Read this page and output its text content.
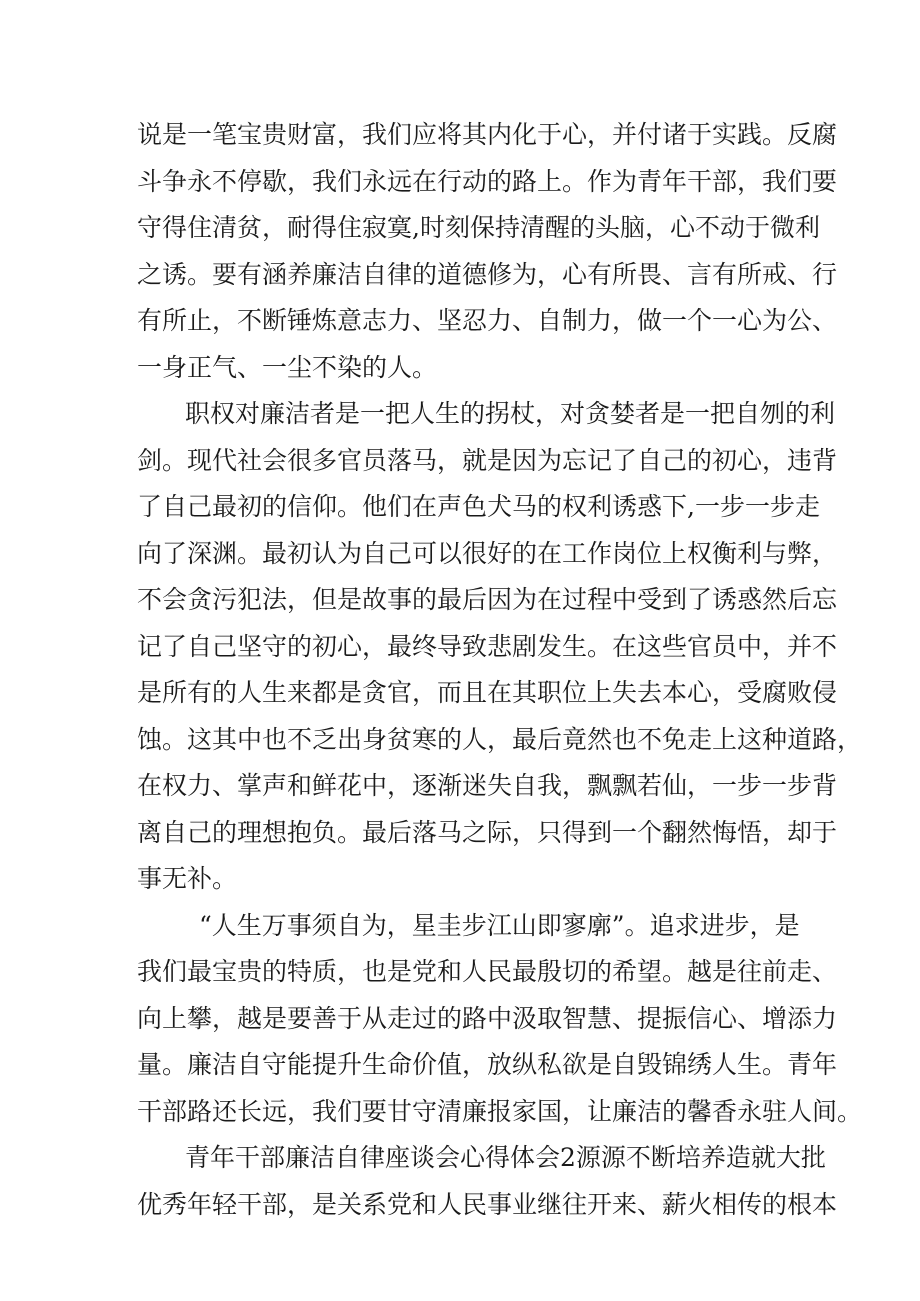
说是一笔宝贵财富，我们应将其内化于心，并付诸于实践。反腐
斗争永不停歇，我们永远在行动的路上。作为青年干部，我们要
守得住清贫，耐得住寂寞,时刻保持清醒的头脑，心不动于微利
之诱。要有涵养廉洁自律的道德修为，心有所畏、言有所戒、行
有所止，不断锤炼意志力、坚忍力、自制力，做一个一心为公、
一身正气、一尘不染的人。
职权对廉洁者是一把人生的拐杖，对贪婪者是一把自刎的利
剑。现代社会很多官员落马，就是因为忘记了自己的初心，违背
了自己最初的信仰。他们在声色犬马的权利诱惑下,一步一步走
向了深渊。最初认为自己可以很好的在工作岗位上权衡利与弊，
不会贪污犯法，但是故事的最后因为在过程中受到了诱惑然后忘
记了自己坚守的初心，最终导致悲剧发生。在这些官员中，并不
是所有的人生来都是贪官，而且在其职位上失去本心，受腐败侵
蚀。这其中也不乏出身贫寒的人，最后竟然也不免走上这种道路，
在权力、掌声和鲜花中，逐渐迷失自我，飘飘若仙，一步一步背
离自己的理想抱负。最后落马之际，只得到一个翻然悔悟，却于
事无补。
“人生万事须自为，星圭步江山即寥廓”。追求进步，是
我们最宝贵的特质，也是党和人民最殷切的希望。越是往前走、
向上攀，越是要善于从走过的路中汲取智慧、提振信心、增添力
量。廉洁自守能提升生命价值，放纵私欲是自毁锦绣人生。青年
干部路还长远，我们要甘守清廉报家国，让廉洁的馨香永驻人间。
青年干部廉洁自律座谈会心得体会2源源不断培养造就大批
优秀年轻干部，是关系党和人民事业继往开来、薪火相传的根本
